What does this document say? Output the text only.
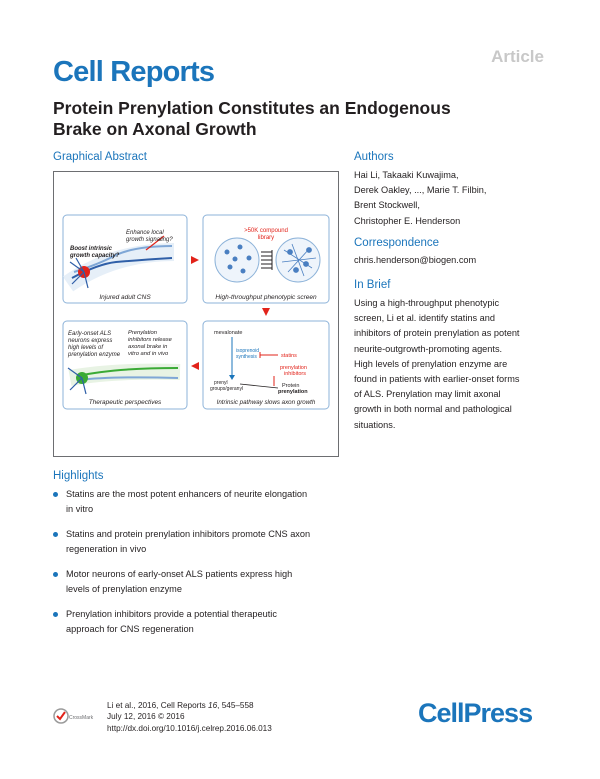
Article
Cell Reports
Protein Prenylation Constitutes an Endogenous
Brake on Axonal Growth
Graphical Abstract
Boost intrinsic
growth capacity?
Enhance local
growth signaling?
Injured adult CNS
>50K compound
library
High-throughput phenotypic screen
Early-onset ALS
neurons express
high levels of
prenylation enzyme
Therapeutic perspectives
Prenylation
inhibitors release
axonal brake in
vitro and in vivo
mevalonate
isoprenoid
synthesis	statins
prenylation
inhibitors
prenyl
groups/geranyl	Protein
prenylation
Intrinsic pathway slows axon growth
Authors
Hai Li, Takaaki Kuwajima,
Derek Oakley, ..., Marie T. Filbin,
Brent Stockwell,
Christopher E. Henderson
Correspondence
chris.henderson@biogen.com
In Brief
Using a high-throughput phenotypic
screen, Li et al. identify statins and
inhibitors of protein prenylation as potent
neurite-outgrowth-promoting agents.
High levels of prenylation enzyme are
found in patients with earlier-onset forms
of ALS. Prenylation may limit axonal
growth in both normal and pathological
situations.
Highlights
Statins are the most potent enhancers of neurite elongation
in vitro
Statins and protein prenylation inhibitors promote CNS axon
regeneration in vivo
Motor neurons of early-onset ALS patients express high
levels of prenylation enzyme
Prenylation inhibitors provide a potential therapeutic
approach for CNS regeneration
CrossMark
Li et al., 2016, Cell Reports 16, 545–558
July 12, 2016 © 2016
http://dx.doi.org/10.1016/j.celrep.2016.06.013
CellPress
